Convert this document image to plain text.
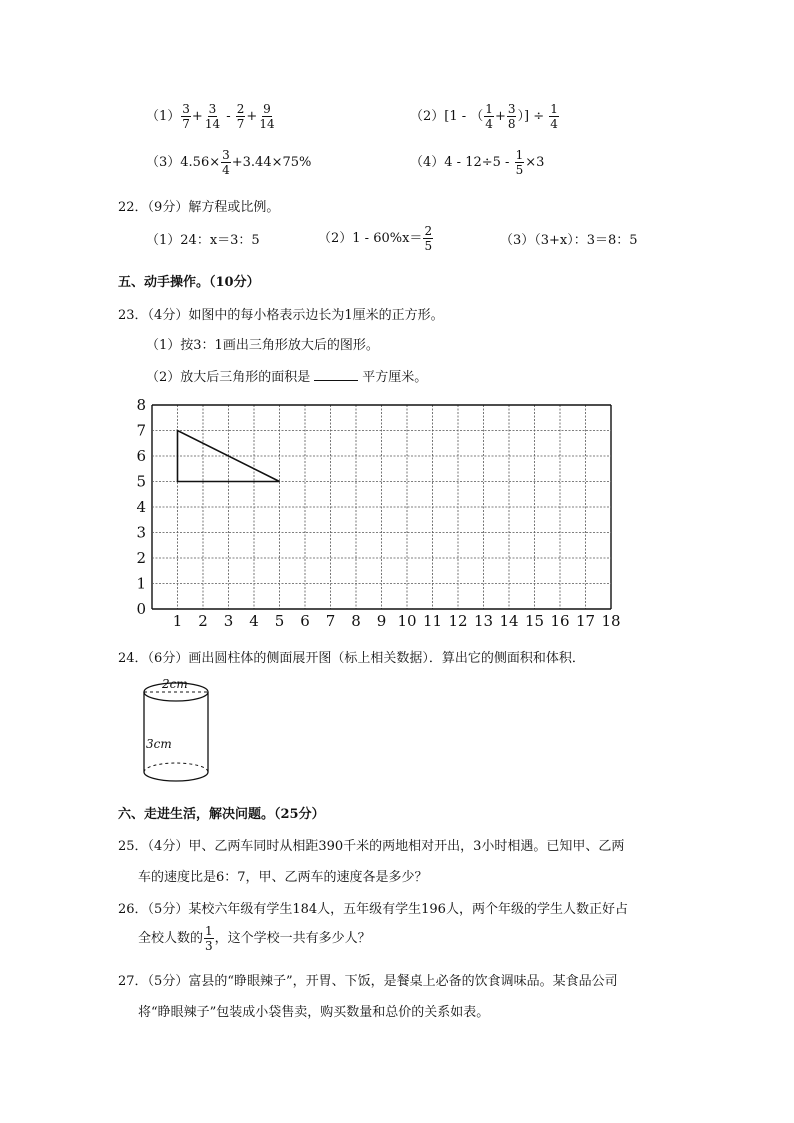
$(1) \frac{3}{7} + \frac{3}{14} - \frac{2}{7} + \frac{9}{14}$	（2）[1 - （ $\frac{1}{4} + \frac{3}{8}$ ）] ÷ $\frac{1}{4}$
$(3)4.56\times \frac{3}{4} +3.44\times 75\%$	$(4)4 - 12\div 5 - \frac{1}{5} \times 3$
22．（9分）解方程或比例。
（1）24：x＝3：5	$(2)1 - 60\%x= \frac{2}{5}$	（3）（3+x）：3＝8：5
五、动手操作。（10分）
23．（4分）如图中的每小格表示边长为1厘米的正方形。
（1）按3：1画出三角形放大后的图形。
（2）放大后三角形的面积是	平方厘米。
1 2 3 4 5 6 7 8 9 10 11 12 13 14 15 16 17 18
0
1
2
3
4
5
6
7
8
24．（6分）画出圆柱体的侧面展开图（标上相关数据）．算出它的侧面积和体积．
2cm
3cm
六、走进生活，解决问题。（25分）
25．（4分）甲、乙两车同时从相距390千米的两地相对开出，3小时相遇。已知甲、乙两
车的速度比是6：7，甲、乙两车的速度各是多少？
26．（5分）某校六年级有学生184人，五年级有学生196人，两个年级的学生人数正好占
全校人数的 $\frac{1}{3}$ ，这个学校一共有多少人？
27．（5分）富县的“睁眼辣子”，开胃、下饭，是餐桌上必备的饮食调味品。某食品公司
将“睁眼辣子”包装成小袋售卖，购买数量和总价的关系如表。
